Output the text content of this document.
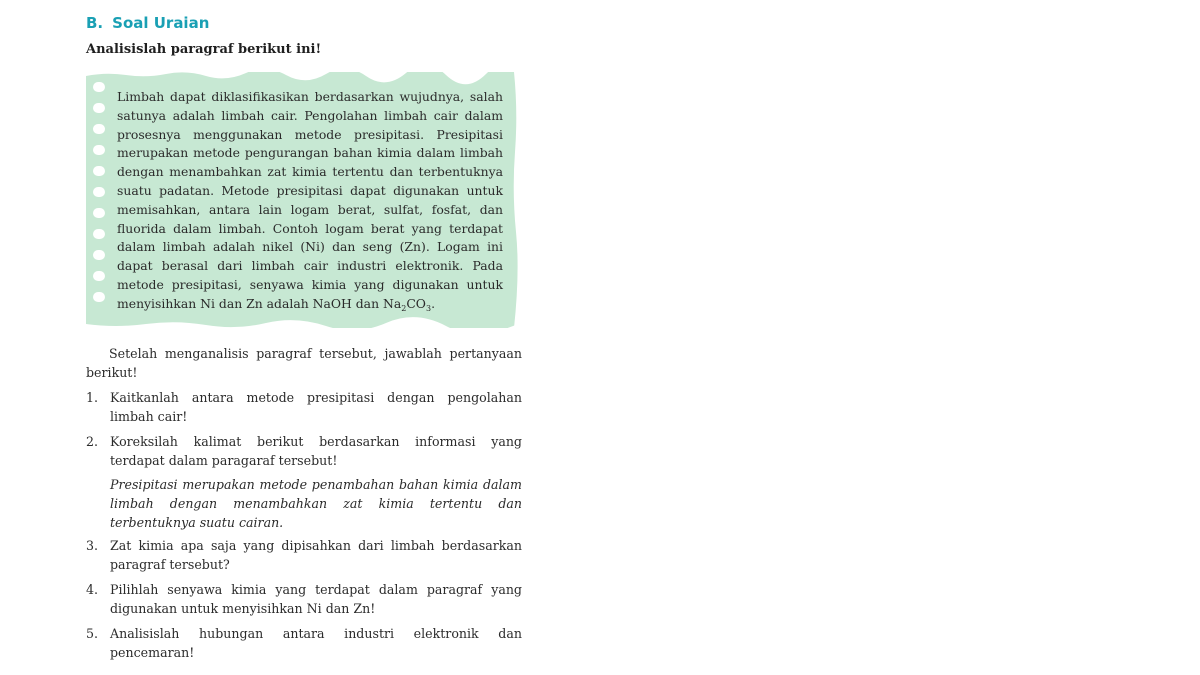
B. Soal Uraian
Analisislah paragraf berikut ini!
Limbah dapat diklasifikasikan berdasarkan wujudnya, salah satunya adalah limbah cair. Pengolahan limbah cair dalam prosesnya menggunakan metode presipitasi. Presipitasi merupakan metode pengurangan bahan kimia dalam limbah dengan menambahkan zat kimia tertentu dan terbentuknya suatu padatan. Metode presipitasi dapat digunakan untuk memisahkan, antara lain logam berat, sulfat, fosfat, dan fluorida dalam limbah. Contoh logam berat yang terdapat dalam limbah adalah nikel (Ni) dan seng (Zn). Logam ini dapat berasal dari limbah cair industri elektronik. Pada metode presipitasi, senyawa kimia yang digunakan untuk menyisihkan Ni dan Zn adalah NaOH dan $Na_2CO_3$.
Setelah menganalisis paragraf tersebut, jawablah pertanyaan berikut!
1. Kaitkanlah antara metode presipitasi dengan pengolahan limbah cair!
2. Koreksilah kalimat berikut berdasarkan informasi yang terdapat dalam paragaraf tersebut!
Presipitasi merupakan metode penambahan bahan kimia dalam limbah dengan menambahkan zat kimia tertentu dan terbentuknya suatu cairan.
3. Zat kimia apa saja yang dipisahkan dari limbah berdasarkan paragraf tersebut?
4. Pilihlah senyawa kimia yang terdapat dalam paragraf yang digunakan untuk menyisihkan Ni dan Zn!
5. Analisislah hubungan antara industri elektronik dan pencemaran!
